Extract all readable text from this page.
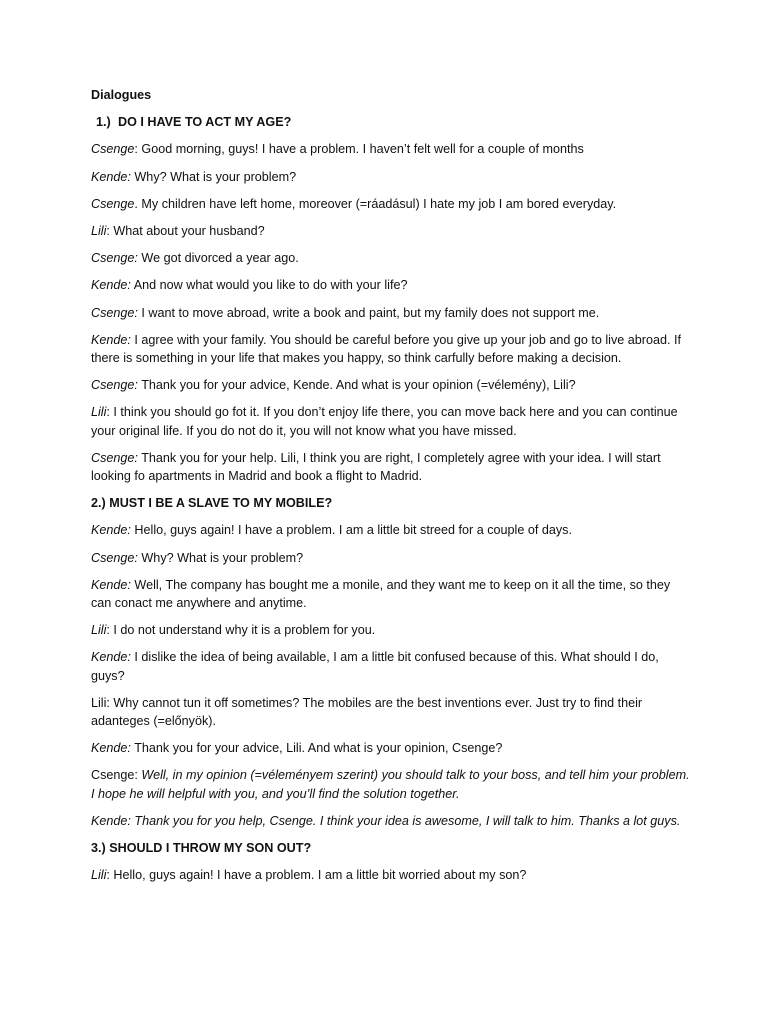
Dialogues
1.) DO I HAVE TO ACT MY AGE?

Csenge: Good morning, guys! I have a problem. I haven’t felt well for a couple of months

Kende: Why? What is your problem?

Csenge. My children have left home, moreover (=ráadásul) I hate my job I am bored everyday.

Lili: What about your husband?

Csenge: We got divorced a year ago.

Kende: And now what would you like to do with your life?

Csenge: I want to move abroad, write a book and paint, but my family does not support me.

Kende: I agree with your family. You should be careful before you give up your job and go to live abroad. If there is something in your life that makes you happy, so think carfully before making a decision.

Csenge: Thank you for your advice, Kende. And what is your opinion (=vélemény), Lili?

Lili: I think you should go fot it. If you don’t enjoy life there, you can move back here and you can continue your original life. If you do not do it, you will not know what you have missed.

Csenge: Thank you for your help. Lili, I think you are right, I completely agree with your idea. I will start looking fo apartments in Madrid and book a flight to Madrid.

2.) MUST I BE A SLAVE TO MY MOBILE?

Kende: Hello, guys again! I have a problem. I am a little bit streed for a couple of days.

Csenge: Why? What is your problem?

Kende: Well, The company has bought me a monile, and they want me to keep on it all the time, so they can conact me anywhere and anytime.

Lili: I do not understand why it is a problem for you.

Kende: I dislike the idea of being available, I am a little bit confused because of this. What should I do, guys?

Lili: Why cannot tun it off sometimes? The mobiles are the best inventions ever. Just try to find their adanteges (=előnyök).

Kende: Thank you for your advice, Lili. And what is your opinion, Csenge?

Csenge: Well, in my opinion (=véleményem szerint) you should talk to your boss, and tell him your problem. I hope he will helpful with you, and you’ll find the solution together.

Kende: Thank you for you help, Csenge. I think your idea is awesome, I will talk to him. Thanks a lot guys.

3.) SHOULD I THROW MY SON OUT?

Lili: Hello, guys again! I have a problem. I am a little bit worried about my son?
